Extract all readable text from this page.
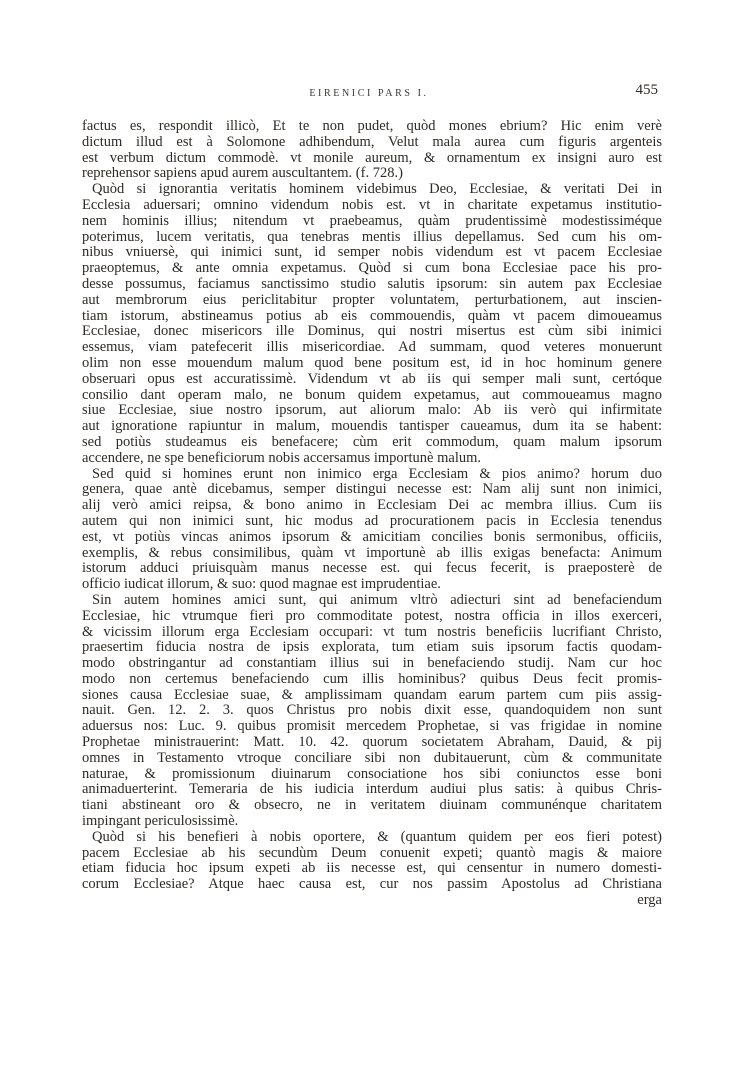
EIRENICI PARS I.	455
factus es, respondit illicò, Et te non pudet, quòd mones ebrium? Hic enim verè
dictum illud est à Solomone adhibendum, Velut mala aurea cum figuris argenteis
est verbum dictum commodè. vt monile aureum, & ornamentum ex insigni auro est
reprehensor sapiens apud aurem auscultantem. (f. 728.)
Quòd si ignorantia veritatis hominem videbimus Deo, Ecclesiae, & veritati Dei in
Ecclesia aduersari; omnino videndum nobis est. vt in charitate expetamus institutio-
nem hominis illius; nitendum vt praebeamus, quàm prudentissimè modestissiméque
poterimus, lucem veritatis, qua tenebras mentis illius depellamus. Sed cum his om-
nibus vniuersè, qui inimici sunt, id semper nobis videndum est vt pacem Ecclesiae
praeoptemus, & ante omnia expetamus. Quòd si cum bona Ecclesiae pace his pro-
desse possumus, faciamus sanctissimo studio salutis ipsorum: sin autem pax Ecclesiae
aut membrorum eius periclitabitur propter voluntatem, perturbationem, aut inscien-
tiam istorum, abstineamus potius ab eis commouendis, quàm vt pacem dimoueamus
Ecclesiae, donec misericors ille Dominus, qui nostri misertus est cùm sibi inimici
essemus, viam patefecerit illis misericordiae. Ad summam, quod veteres monuerunt
olim non esse mouendum malum quod bene positum est, id in hoc hominum genere
obseruari opus est accuratissimè. Videndum vt ab iis qui semper mali sunt, certóque
consilio dant operam malo, ne bonum quidem expetamus, aut commoueamus magno
siue Ecclesiae, siue nostro ipsorum, aut aliorum malo: Ab iis verò qui infirmitate
aut ignoratione rapiuntur in malum, mouendis tantisper caueamus, dum ita se habent:
sed potiùs studeamus eis benefacere; cùm erit commodum, quam malum ipsorum
accendere, ne spe beneficiorum nobis accersamus importunè malum.
Sed quid si homines erunt non inimico erga Ecclesiam & pios animo? horum duo
genera, quae antè dicebamus, semper distingui necesse est: Nam alij sunt non inimici,
alij verò amici reipsa, & bono animo in Ecclesiam Dei ac membra illius. Cum iis
autem qui non inimici sunt, hic modus ad procurationem pacis in Ecclesia tenendus
est, vt potiùs vincas animos ipsorum & amicitiam concilies bonis sermonibus, officiis,
exemplis, & rebus consimilibus, quàm vt importunè ab illis exigas benefacta: Animum
istorum adduci priuisquàm manus necesse est. qui fecus fecerit, is praeposterè de
officio iudicat illorum, & suo: quod magnae est imprudentiae.
Sin autem homines amici sunt, qui animum vltrò adiecturi sint ad benefaciendum
Ecclesiae, hic vtrumque fieri pro commoditate potest, nostra officia in illos exerceri,
& vicissim illorum erga Ecclesiam occupari: vt tum nostris beneficiis lucrifiant Christo,
praesertim fiducia nostra de ipsis explorata, tum etiam suis ipsorum factis quodam-
modo obstringantur ad constantiam illius sui in benefaciendo studij. Nam cur hoc
modo non certemus benefaciendo cum illis hominibus? quibus Deus fecit promis-
siones causa Ecclesiae suae, & amplissimam quandam earum partem cum piis assig-
nauit. Gen. 12. 2. 3. quos Christus pro nobis dixit esse, quandoquidem non sunt
aduersus nos: Luc. 9. quibus promisit mercedem Prophetae, si vas frigidae in nomine
Prophetae ministrauerint: Matt. 10. 42. quorum societatem Abraham, Dauid, & pij
omnes in Testamento vtroque conciliare sibi non dubitauerunt, cùm & communitate
naturae, & promissionum diuinarum consociatione hos sibi coniunctos esse boni
animaduerterint. Temeraria de his iudicia interdum audiui plus satis: à quibus Chris-
tiani abstineant oro & obsecro, ne in veritatem diuinam communénque charitatem
impingant periculosissimè.
Quòd si his benefieri à nobis oportere, & (quantum quidem per eos fieri potest)
pacem Ecclesiae ab his secundùm Deum conuenit expeti; quantò magis & maiore
etiam fiducia hoc ipsum expeti ab iis necesse est, qui censentur in numero domesti-
corum Ecclesiae? Atque haec causa est, cur nos passim Apostolus ad Christiana
erga
